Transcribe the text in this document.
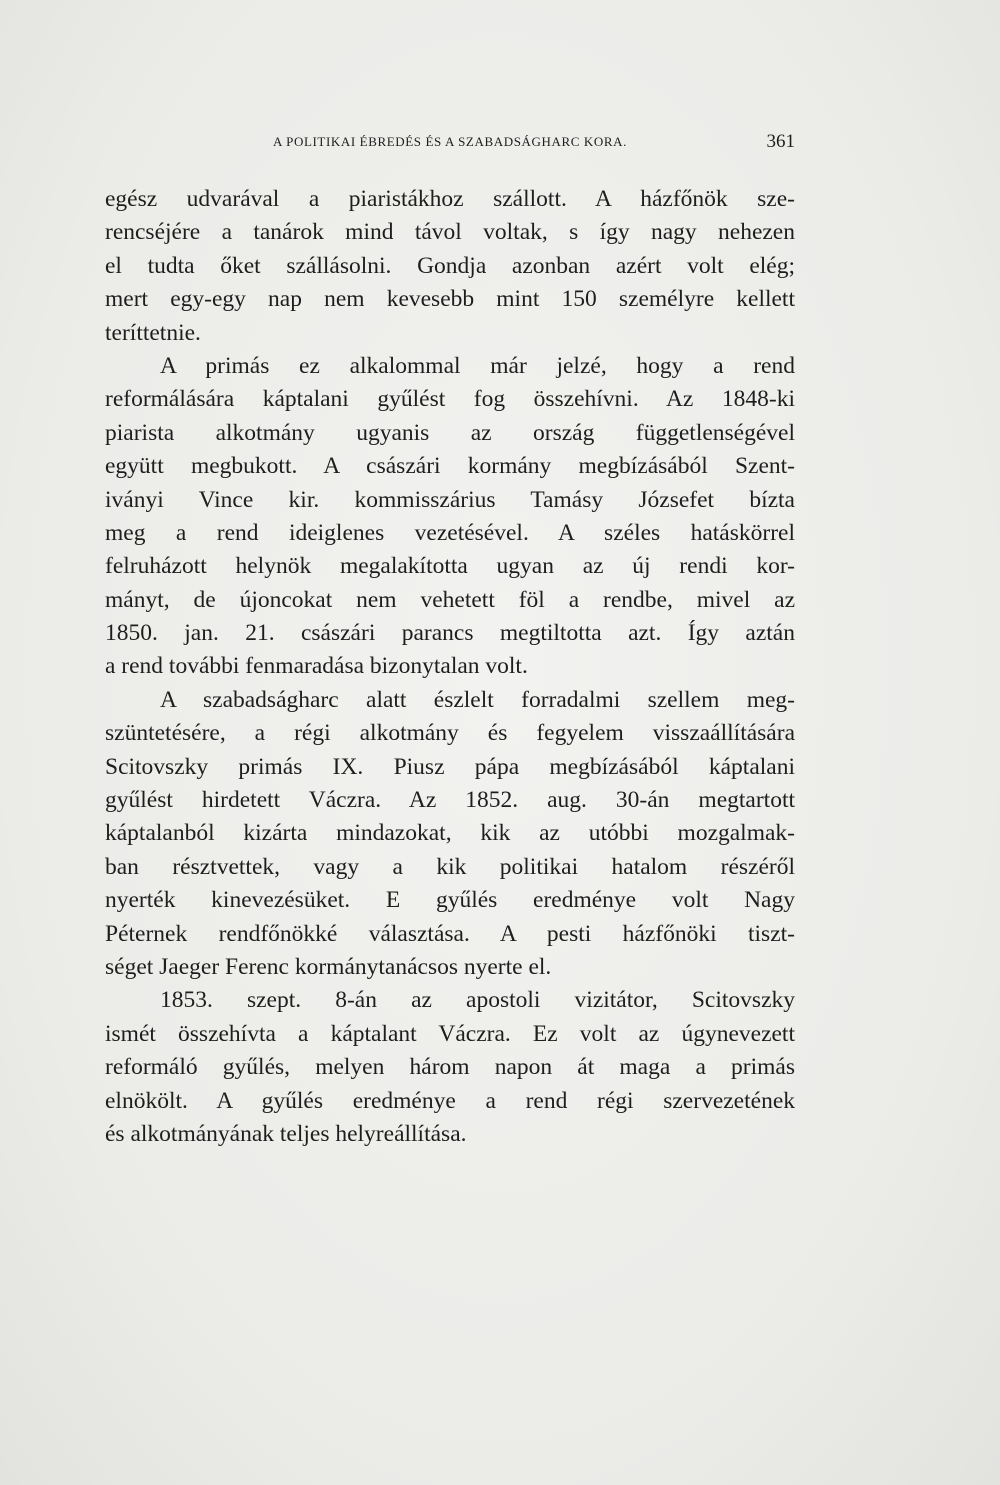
A POLITIKAI ÉBREDÉS ÉS A SZABADSÁGHARC KORA.	361
egész udvarával a piaristákhoz szállott. A házfőnök sze-
rencséjére a tanárok mind távol voltak, s így nagy nehezen
el tudta őket szállásolni. Gondja azonban azért volt elég;
mert egy-egy nap nem kevesebb mint 150 személyre kellett
teríttetnie.
A primás ez alkalommal már jelzé, hogy a rend
reformálására káptalani gyűlést fog összehívni. Az 1848-ki
piarista alkotmány ugyanis az ország függetlenségével
együtt megbukott. A császári kormány megbízásából Szent-
iványi Vince kir. kommisszárius Tamásy Józsefet bízta
meg a rend ideiglenes vezetésével. A széles hatáskörrel
felruházott helynök megalakította ugyan az új rendi kor-
mányt, de újoncokat nem vehetett föl a rendbe, mivel az
1850. jan. 21. császári parancs megtiltotta azt. Így aztán
a rend további fenmaradása bizonytalan volt.
A szabadságharc alatt észlelt forradalmi szellem meg-
szüntetésére, a régi alkotmány és fegyelem visszaállítására
Scitovszky primás IX. Piusz pápa megbízásából káptalani
gyűlést hirdetett Váczra. Az 1852. aug. 30-án megtartott
káptalanból kizárta mindazokat, kik az utóbbi mozgalmak-
ban résztvettek, vagy a kik politikai hatalom részéről
nyerték kinevezésüket. E gyűlés eredménye volt Nagy
Péternek rendfőnökké választása. A pesti házfőnöki tiszt-
séget Jaeger Ferenc kormánytanácsos nyerte el.
1853. szept. 8-án az apostoli vizitátor, Scitovszky
ismét összehívta a káptalant Váczra. Ez volt az úgynevezett
reformáló gyűlés, melyen három napon át maga a primás
elnökölt. A gyűlés eredménye a rend régi szervezetének
és alkotmányának teljes helyreállítása.
